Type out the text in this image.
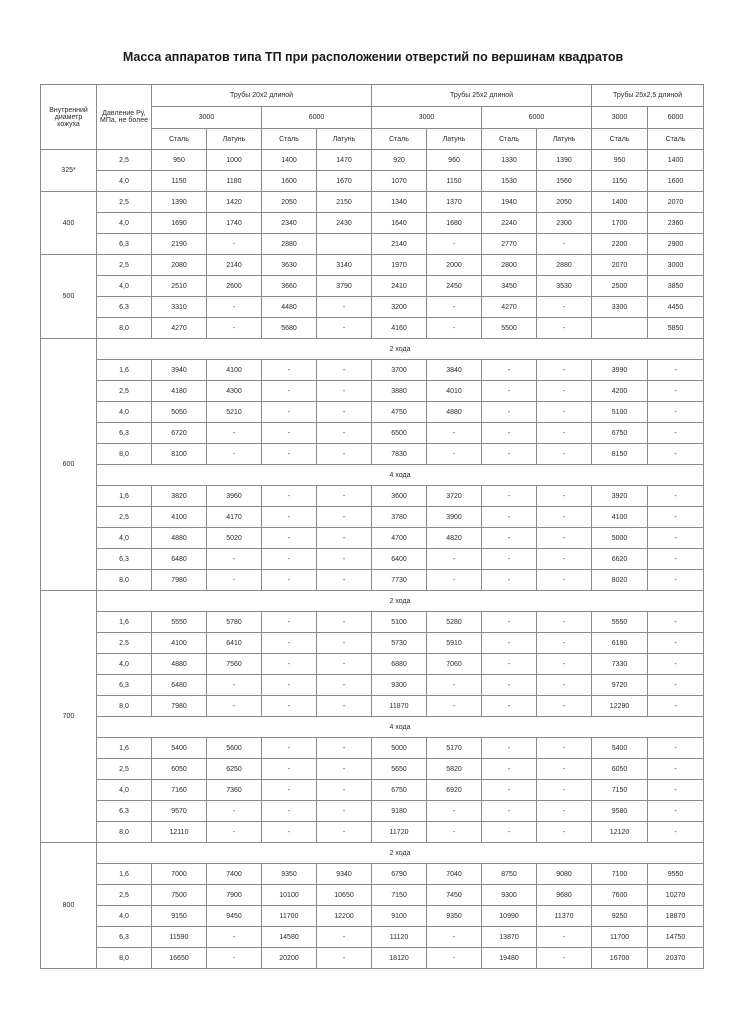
Масса аппаратов типа ТП при расположении отверстий по вершинам квадратов
Внутренний диаметр кожуха	Давление Py, МПа, не более	Трубы 20х2 длиной				Трубы 25х2 длиной				Трубы 25х2,5 длиной	
		3000		6000		3000		6000		3000	6000
		Сталь	Латунь	Сталь	Латунь	Сталь	Латунь	Сталь	Латунь	Сталь	Сталь
325*	2,5	950	1000	1400	1470	920	960	1330	1390	950	1400
	4,0	1150	1180	1600	1670	1070	1150	1530	1560	1150	1600
400	2,5	1390	1420	2050	2150	1340	1370	1940	2050	1400	2070
	4,0	1690	1740	2340	2430	1640	1680	2240	2300	1700	2360
	6,3	2190	-	2880		2140	-	2770	-	2200	2900
500	2,5	2080	2140	3630	3140	1970	2000	2800	2880	2070	3000
	4,0	2510	2600	3660	3790	2410	2450	3450	3530	2500	3850
	6,3	3310	-	4480	-	3200	-	4270	-	3300	4450
	8,0	4270	-	5680	-	4160	-	5500	-		5850
600	2 хода										
	1,6	3940	4100	-	-	3700	3840	-	-	3990	-
	2,5	4180	4300	-	-	3880	4010	-	-	4200	-
	4,0	5050	5210	-	-	4750	4880	-	-	5100	-
	6,3	6720	-	-	-	6500	-	-	-	6750	-
	8,0	8100	-	-	-	7830	-	-	-	8150	-
	4 хода										
	1,6	3820	3960	-	-	3600	3720	-	-	3920	-
	2,5	4100	4170	-	-	3780	3900	-	-	4100	-
	4,0	4880	5020	-	-	4700	4820	-	-	5000	-
	6,3	6480	-	-	-	6400	-	-	-	6620	-
	8,0	7980	-	-	-	7730	-	-	-	8020	-
700	2 хода										
	1,6	5550	5780	-	-	5100	5280	-	-	5550	-
	2,5	4100	6410	-	-	5730	5910	-	-	6180	-
	4,0	4880	7560	-	-	6880	7060	-	-	7330	-
	6,3	6480	-	-	-	9300	-	-	-	9720	-
	8,0	7980	-	-	-	11870	-	-	-	12290	-
	4 хода										
	1,6	5400	5600	-	-	5000	5170	-	-	5400	-
	2,5	6050	6250	-	-	5650	5820	-	-	6050	-
	4,0	7160	7360	-	-	6750	6920	-	-	7150	-
	6,3	9570	-	-	-	9180	-	-	-	9580	-
	8,0	12110	-	-	-	11720	-	-	-	12120	-
800	2 хода										
	1,6	7000	7400	9350	9340	6790	7040	8750	9080	7100	9550
	2,5	7500	7900	10100	10650	7150	7450	9300	9680	7600	10270
	4,0	9150	9450	11700	12200	9100	9350	10990	11370	9250	18870
	6,3	11590	-	14580	-	11120	-	13870	-	11700	14750
	8,0	16650	-	20200	-	18120	-	19480	-	16700	20370
